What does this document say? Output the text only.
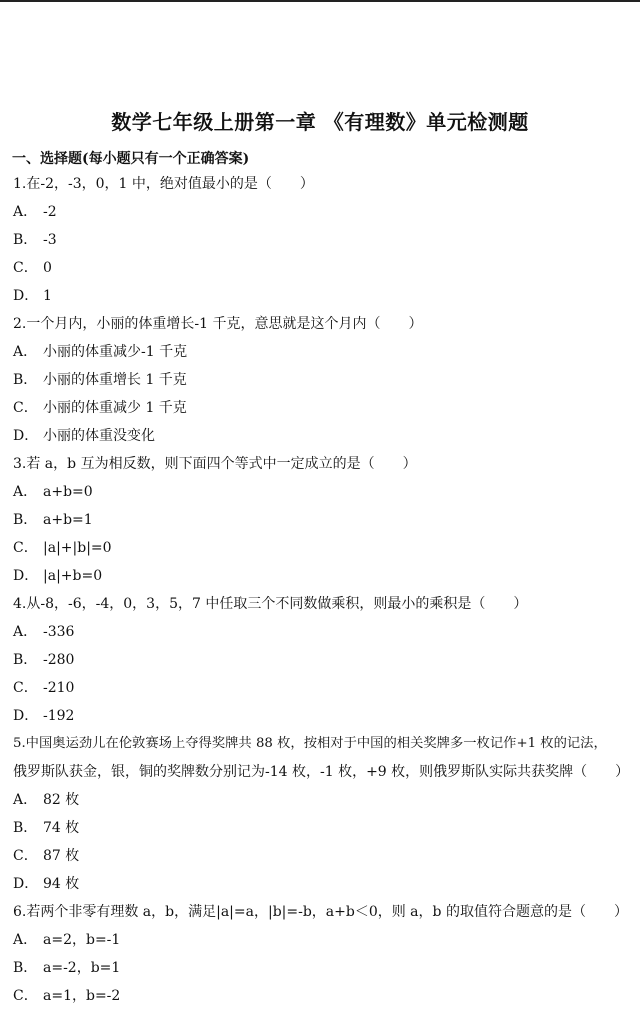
数学七年级上册第一章 《有理数》单元检测题
一、选择题(每小题只有一个正确答案)
1.在-2，-3，0，1 中，绝对值最小的是（　　）
A． -2
B． -3
C． 0
D． 1
2.一个月内，小丽的体重增长-1 千克，意思就是这个月内（　　）
A． 小丽的体重减少-1 千克
B． 小丽的体重增长 1 千克
C． 小丽的体重减少 1 千克
D． 小丽的体重没变化
3.若 a，b 互为相反数，则下面四个等式中一定成立的是（　　）
A． a+b=0
B． a+b=1
C． |a|+|b|=0
D． |a|+b=0
4.从-8，-6，-4，0，3，5，7 中任取三个不同数做乘积，则最小的乘积是（　　）
A． -336
B． -280
C． -210
D． -192
5.中国奥运劲儿在伦敦赛场上夺得奖牌共 88 枚，按相对于中国的相关奖牌多一枚记作+1 枚的记法，
俄罗斯队获金，银，铜的奖牌数分别记为-14 枚，-1 枚，+9 枚，则俄罗斯队实际共获奖牌（　　）
A． 82 枚
B． 74 枚
C． 87 枚
D． 94 枚
6.若两个非零有理数 a，b，满足|a|=a，|b|=-b，a+b＜0，则 a，b 的取值符合题意的是（　　）
A． a=2，b=-1
B． a=-2，b=1
C． a=1，b=-2
